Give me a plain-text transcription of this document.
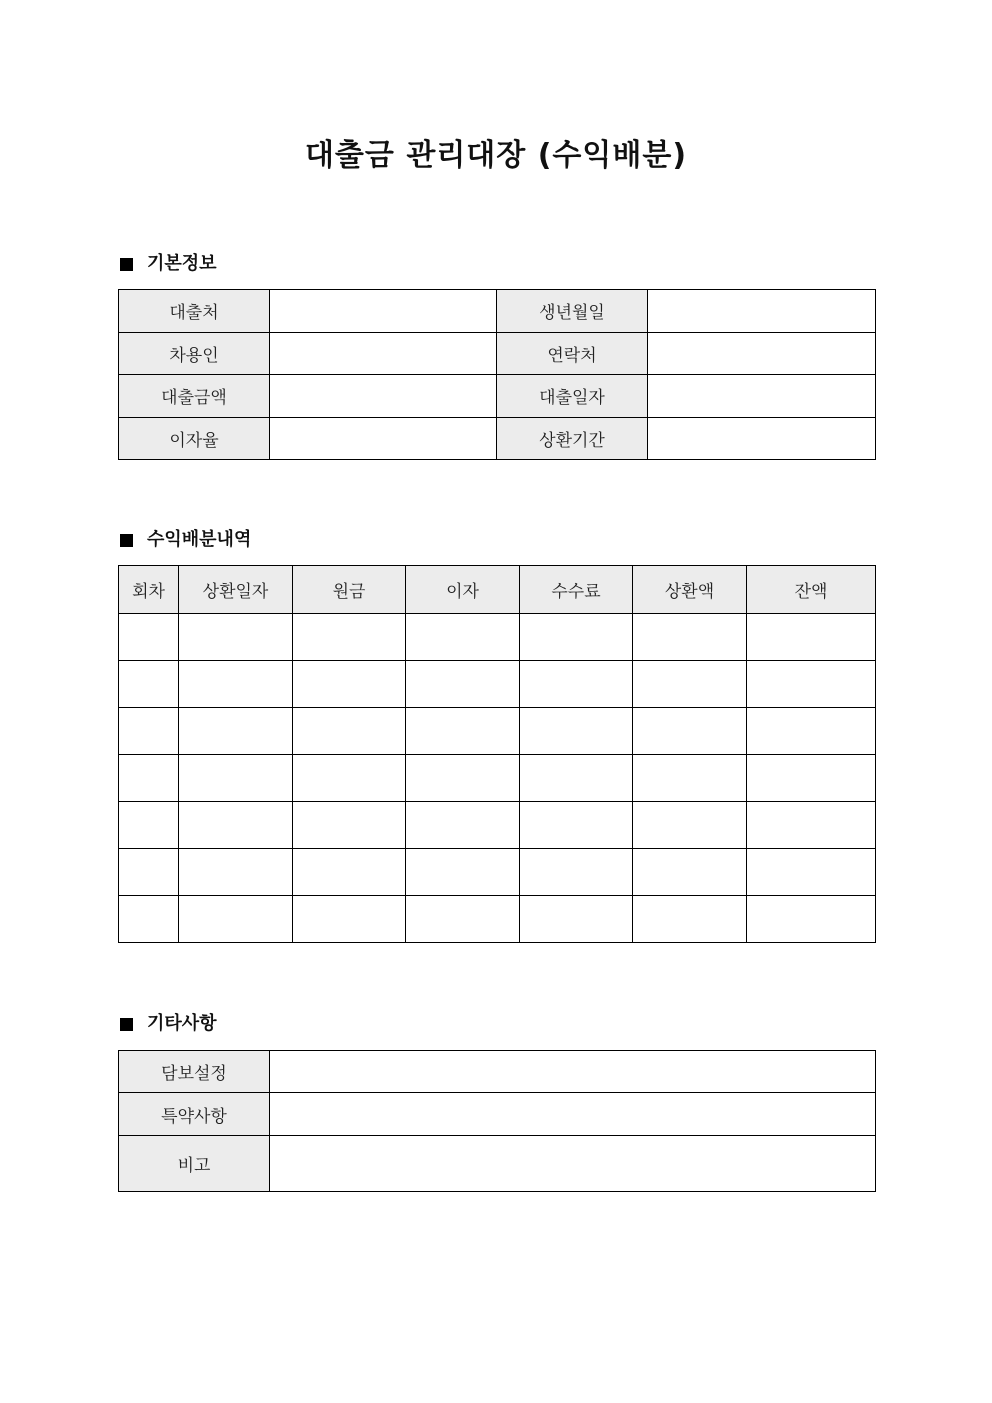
대출금 관리대장 (수익배분)
기본정보
대출처		생년월일	
차용인		연락처	
대출금액		대출일자	
이자율		상환기간	
수익배분내역
회차	상환일자	원금	이자	수수료	상환액	잔액

기타사항
담보설정	
특약사항	
비고	
